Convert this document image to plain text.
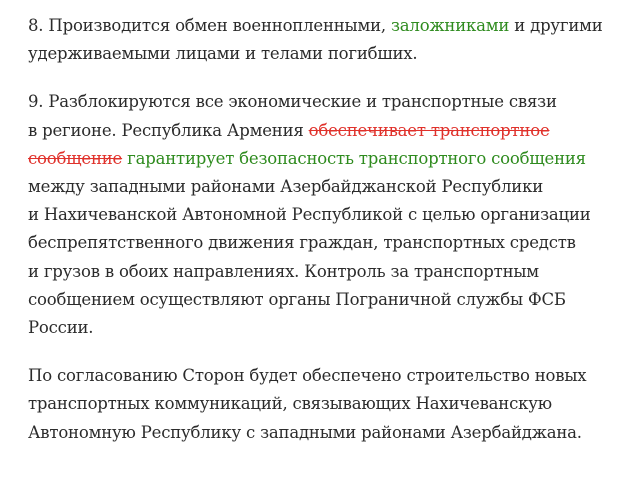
8. Производится обмен военнопленными, заложниками и другими
удерживаемыми лицами и телами погибших.

9. Разблокируются все экономические и транспортные связи
в регионе. Республика Армения обеспечивает транспортное
сообщение гарантирует безопасность транспортного сообщения
между западными районами Азербайджанской Республики
и Нахичеванской Автономной Республикой с целью организации
беспрепятственного движения граждан, транспортных средств
и грузов в обоих направлениях. Контроль за транспортным
сообщением осуществляют органы Пограничной службы ФСБ
России.

По согласованию Сторон будет обеспечено строительство новых
транспортных коммуникаций, связывающих Нахичеванскую
Автономную Республику с западными районами Азербайджана.
